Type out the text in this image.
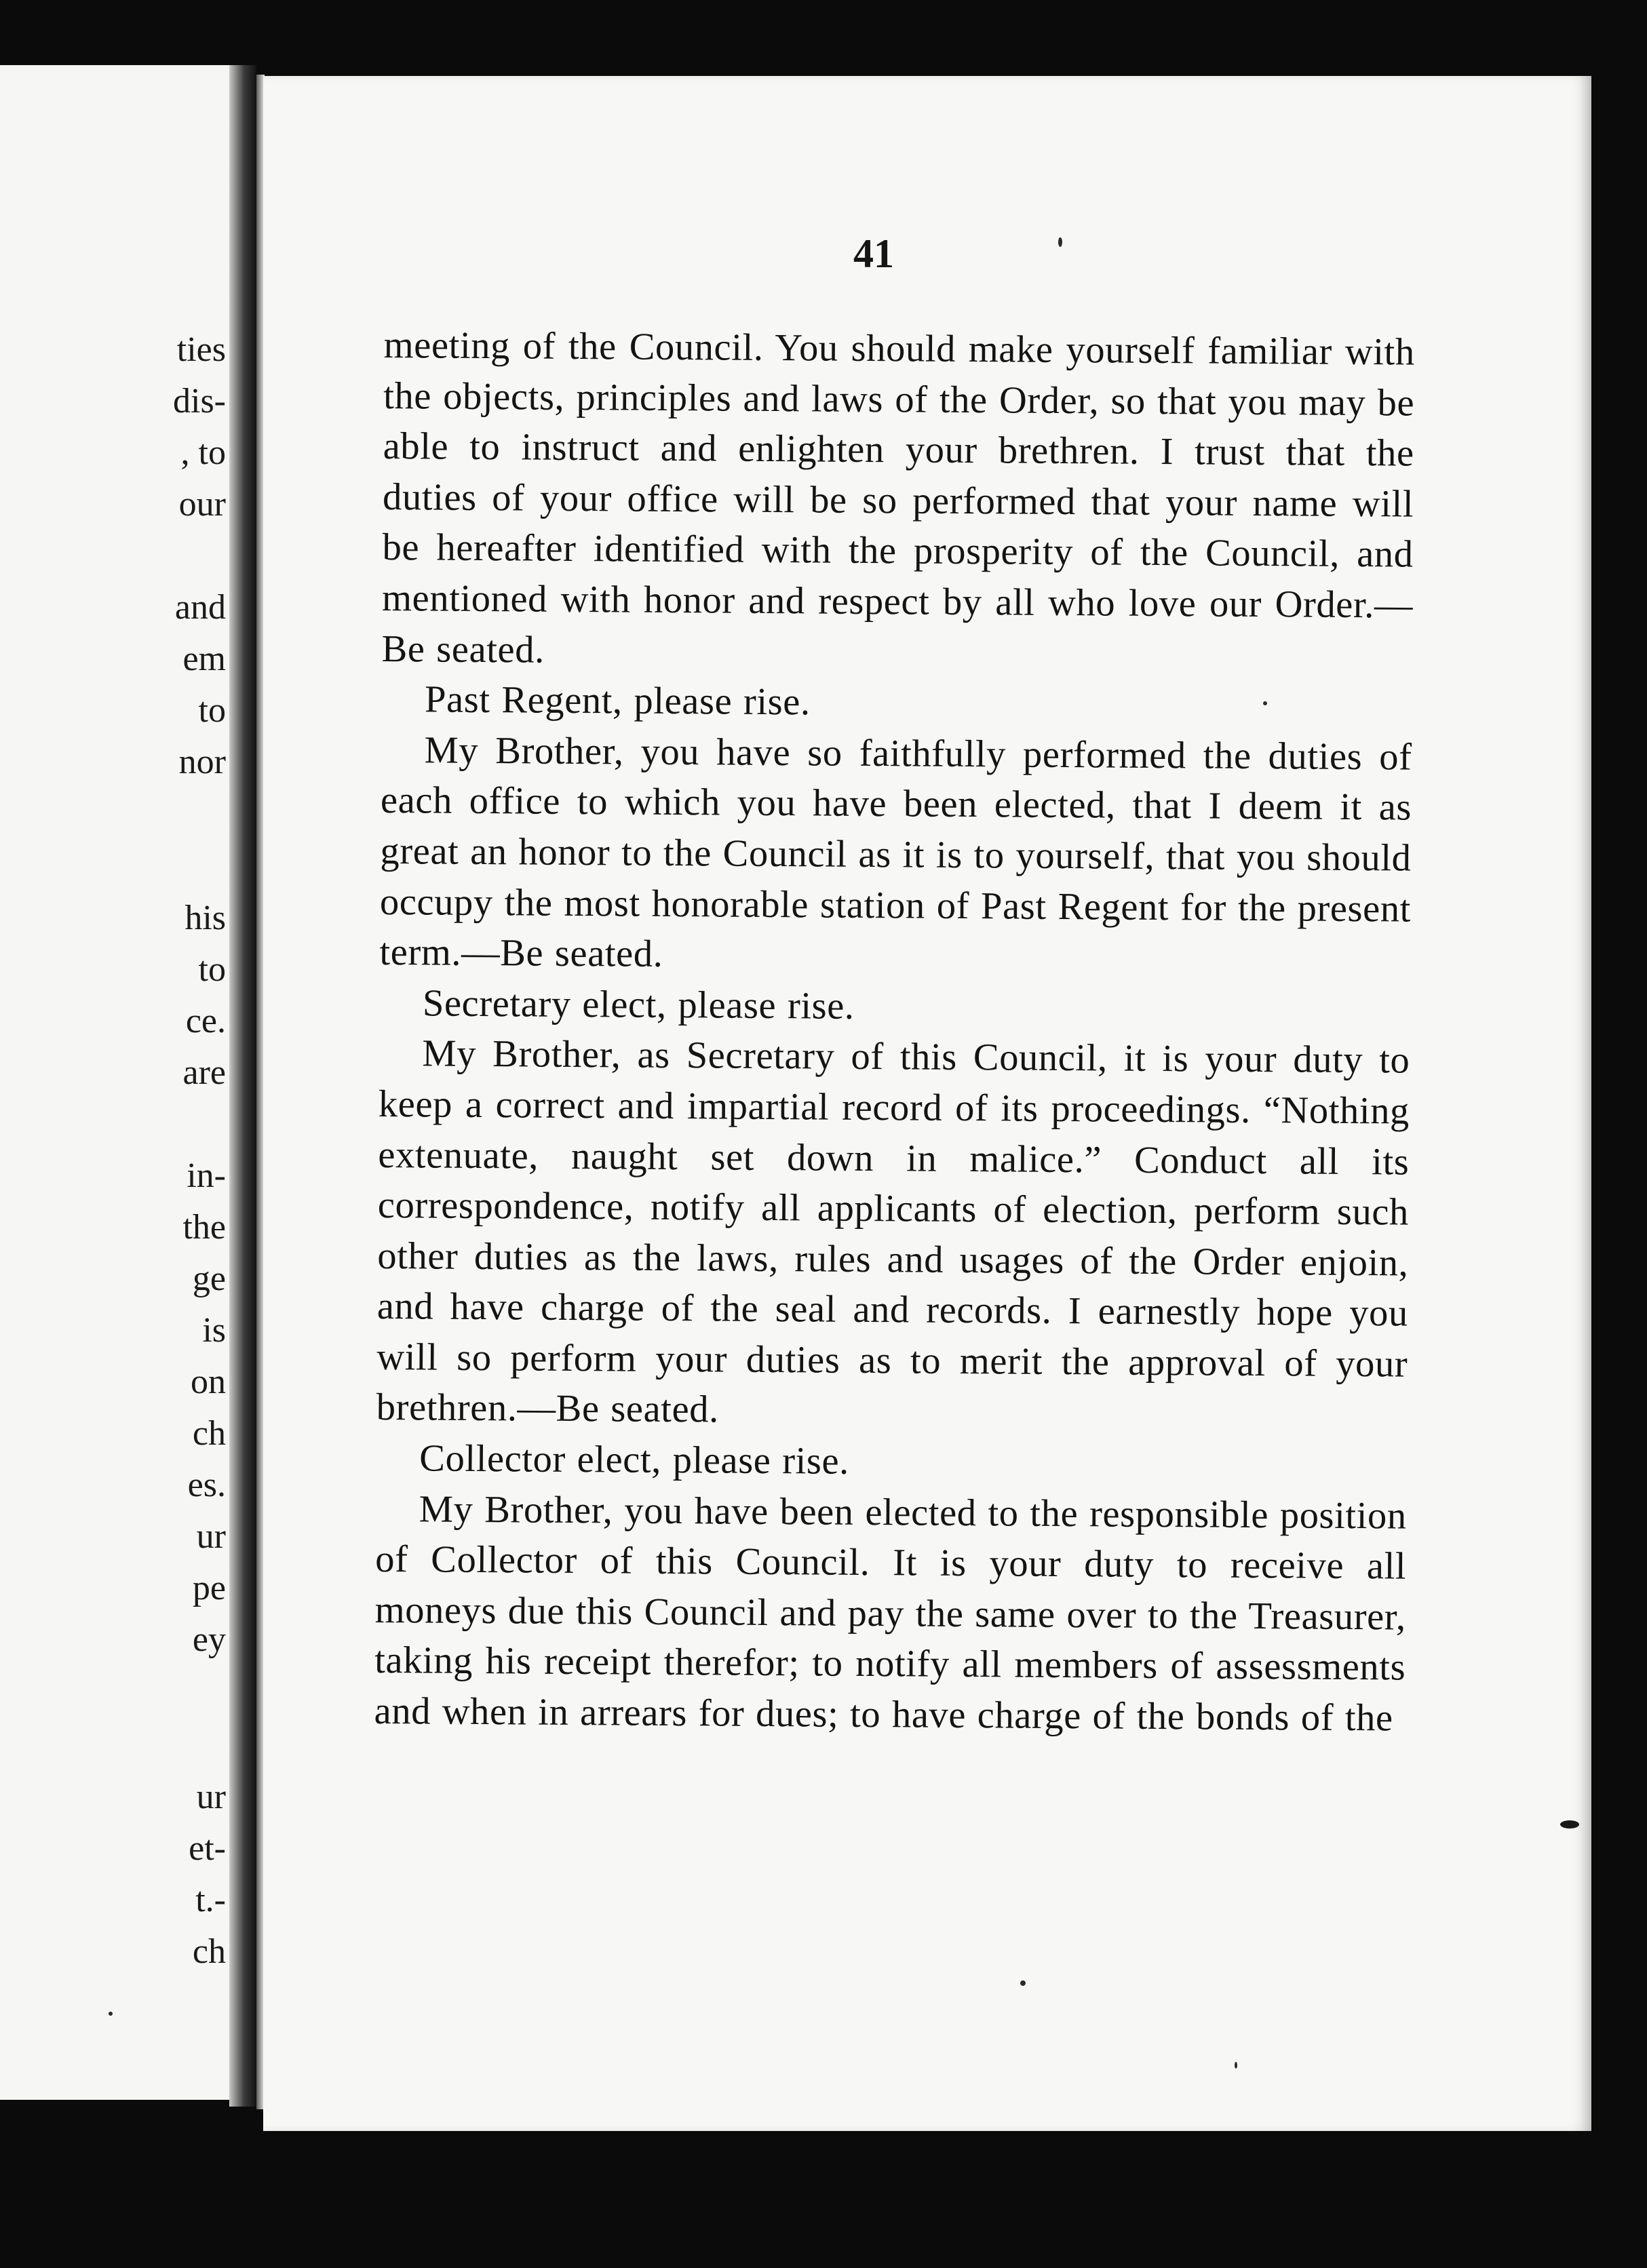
ties

dis-

, to

our

and

em

to

nor

his

to

ce.

are

in-

the

ge

is

on

ch

es.

ur

pe

ey

ur

et-

t.-

ch

41

meeting of the Council. You should make yourself familiar with the objects, principles and laws of the Order, so that you may be able to instruct and enlighten your brethren. I trust that the duties of your office will be so performed that your name will be hereafter identified with the prosperity of the Council, and mentioned with honor and respect by all who love our Order.—Be seated.

Past Regent, please rise.

My Brother, you have so faithfully performed the duties of each office to which you have been elected, that I deem it as great an honor to the Council as it is to yourself, that you should occupy the most honorable station of Past Regent for the present term.—Be seated.

Secretary elect, please rise.

My Brother, as Secretary of this Council, it is your duty to keep a correct and impartial record of its proceedings. “Nothing extenuate, naught set down in malice.” Conduct all its correspondence, notify all applicants of election, perform such other duties as the laws, rules and usages of the Order enjoin, and have charge of the seal and records. I earnestly hope you will so perform your duties as to merit the approval of your brethren.—Be seated.

Collector elect, please rise.

My Brother, you have been elected to the responsible position of Collector of this Council. It is your duty to receive all moneys due this Council and pay the same over to the Treasurer, taking his receipt therefor; to notify all members of assessments and when in arrears for dues; to have charge of the bonds of the
